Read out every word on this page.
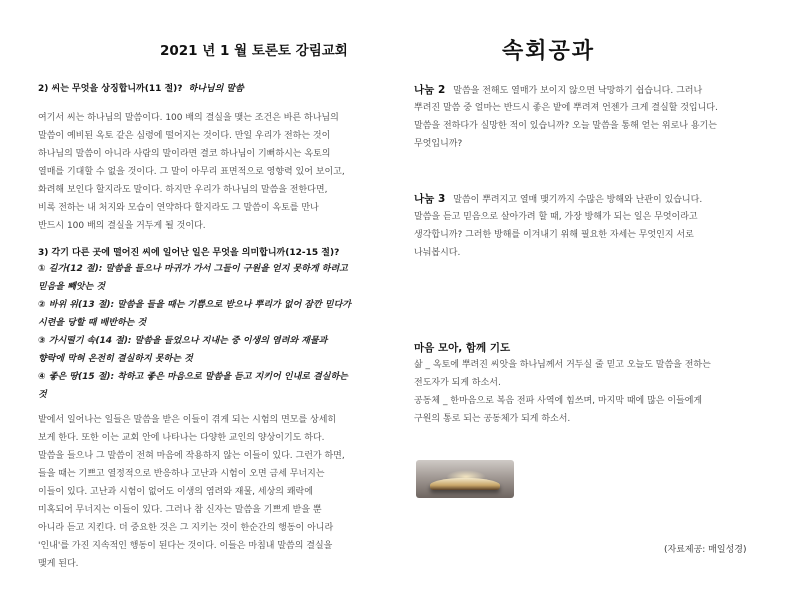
2021 년 1 월 토론토 강림교회	속회공과
2) 씨는 무엇을 상징합니까(11 절)? 하나님의 말씀
여기서 씨는 하나님의 말씀이다. 100 배의 결실을 맺는 조건은 바른 하나님의
말씀이 예비된 옥토 같은 심령에 떨어지는 것이다. 만일 우리가 전하는 것이
하나님의 말씀이 아니라 사람의 말이라면 결코 하나님이 기뻐하시는 옥토의
열매를 기대할 수 없을 것이다. 그 말이 아무리 표면적으로 영향력 있어 보이고,
화려해 보인다 할지라도 말이다. 하지만 우리가 하나님의 말씀을 전한다면,
비록 전하는 내 처지와 모습이 연약하다 할지라도 그 말씀이 옥토를 만나
반드시 100 배의 결실을 거두게 될 것이다.
3) 각기 다른 곳에 떨어진 씨에 일어난 일은 무엇을 의미합니까(12-15 절)?
① 길가(12 절): 말씀을 들으나 마귀가 가서 그들이 구원을 얻지 못하게 하려고
믿음을 빼앗는 것
② 바위 위(13 절): 말씀을 들을 때는 기쁨으로 받으나 뿌리가 없어 잠깐 믿다가
시련을 당할 때 배반하는 것
③ 가시떨기 속(14 절): 말씀을 들었으나 지내는 중 이생의 염려와 재물과
향락에 막혀 온전히 결실하지 못하는 것
④ 좋은 땅(15 절): 착하고 좋은 마음으로 말씀을 듣고 지키어 인내로 결실하는
것
밭에서 일어나는 일들은 말씀을 받은 이들이 겪게 되는 시험의 면모를 상세히
보게 한다. 또한 이는 교회 안에 나타나는 다양한 교인의 양상이기도 하다.
말씀을 들으나 그 말씀이 전혀 마음에 작용하지 않는 이들이 있다. 그런가 하면,
들을 때는 기쁘고 열정적으로 반응하나 고난과 시험이 오면 금세 무너지는
이들이 있다. 고난과 시험이 없어도 이생의 염려와 재물, 세상의 쾌락에
미혹되어 무너지는 이들이 있다. 그러나 참 신자는 말씀을 기쁘게 받을 뿐
아니라 듣고 지킨다. 더 중요한 것은 그 지키는 것이 한순간의 행동이 아니라
'인내'를 가진 지속적인 행동이 된다는 것이다. 이들은 마침내 말씀의 결실을
맺게 된다.
나눔 2 말씀을 전해도 열매가 보이지 않으면 낙망하기 쉽습니다. 그러나
뿌려진 말씀 중 얼마는 반드시 좋은 밭에 뿌려져 언젠가 크게 결실할 것입니다.
말씀을 전하다가 실망한 적이 있습니까? 오늘 말씀을 통해 얻는 위로나 용기는
무엇입니까?
나눔 3 말씀이 뿌려지고 열매 맺기까지 수많은 방해와 난관이 있습니다.
말씀을 듣고 믿음으로 살아가려 할 때, 가장 방해가 되는 일은 무엇이라고
생각합니까? 그러한 방해를 이겨내기 위해 필요한 자세는 무엇인지 서로
나눠봅시다.
마음 모아, 함께 기도
삶 _ 옥토에 뿌려진 씨앗을 하나님께서 거두실 줄 믿고 오늘도 말씀을 전하는
전도자가 되게 하소서.
공동체 _ 한마음으로 복음 전파 사역에 힘쓰며, 마지막 때에 많은 이들에게
구원의 통로 되는 공동체가 되게 하소서.
(자료제공: 매일성경)
